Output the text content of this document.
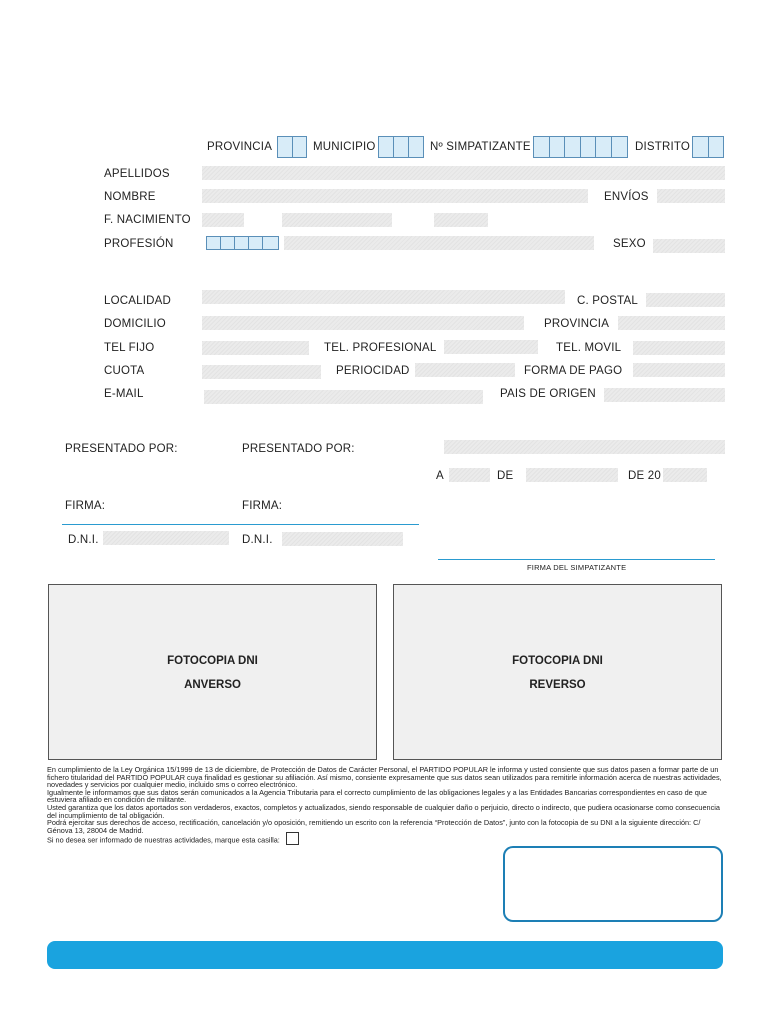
PROVINCIA	MUNICIPIO	Nº SIMPATIZANTE	DISTRITO
APELLIDOS
NOMBRE	ENVÍOS
F. NACIMIENTO
PROFESIÓN	SEXO
LOCALIDAD	C. POSTAL
DOMICILIO	PROVINCIA
TEL FIJO	TEL. PROFESIONAL	TEL. MOVIL
CUOTA	PERIOCIDAD	FORMA DE PAGO
E-MAIL	PAIS DE ORIGEN
PRESENTADO POR:	PRESENTADO POR:
A	DE	DE 20
FIRMA:	FIRMA:
D.N.I.	D.N.I.
FIRMA DEL SIMPATIZANTE
FOTOCOPIA DNI
ANVERSO
FOTOCOPIA DNI
REVERSO

En cumplimiento de la Ley Orgánica 15/1999 de 13 de diciembre, de Protección de Datos de Carácter Personal, el PARTIDO POPULAR le informa y usted consiente que sus datos pasen a formar parte de un fichero titularidad del PARTIDO POPULAR cuya finalidad es gestionar su afiliación. Así mismo, consiente expresamente que sus datos sean utilizados para remitirle información acerca de nuestras actividades, novedades y servicios por cualquier medio, incluido sms o correo electrónico.

Igualmente le informamos que sus datos serán comunicados a la Agencia Tributaria para el correcto cumplimiento de las obligaciones legales y a las Entidades Bancarias correspondientes en caso de que estuviera afiliado en condición de militante.

Usted garantiza que los datos aportados son verdaderos, exactos, completos y actualizados, siendo responsable de cualquier daño o perjuicio, directo o indirecto, que pudiera ocasionarse como consecuencia del incumplimiento de tal obligación.

Podrá ejercitar sus derechos de acceso, rectificación, cancelación y/o oposición, remitiendo un escrito con la referencia “Protección de Datos”, junto con la fotocopia de su DNI a la siguiente dirección: C/ Génova 13, 28004 de Madrid.

Si no desea ser informado de nuestras actividades, marque esta casilla:
